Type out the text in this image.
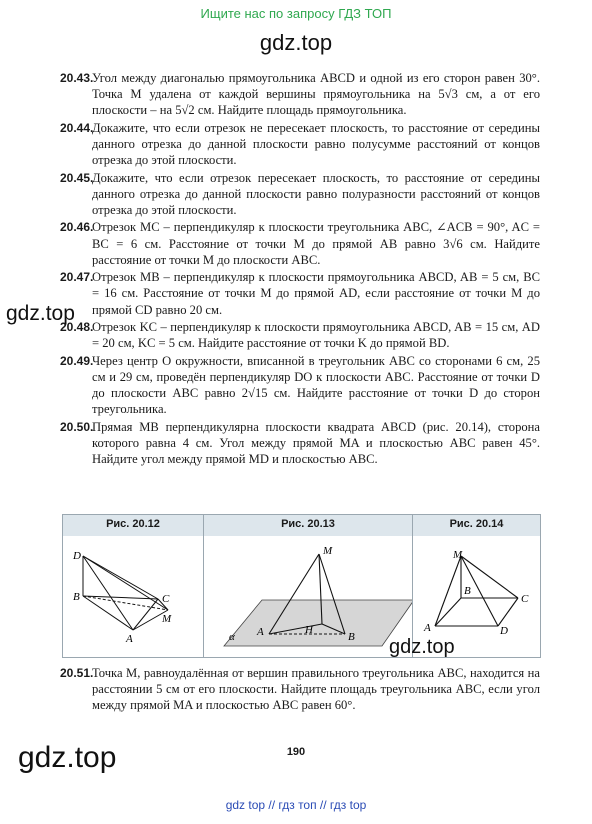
Ищите нас по запросу ГДЗ ТОП
gdz.top

20.43.Угол между диагональю прямоугольника ABCD и одной из его сторон равен 30°. Точка M удалена от каждой вершины прямоугольника на 5√3 см, а от его плоскости – на 5√2 см. Найдите площадь прямоугольника.

20.44.Докажите, что если отрезок не пересекает плоскость, то расстояние от середины данного отрезка до данной плоскости равно полусумме расстояний от концов отрезка до этой плоскости.

20.45.Докажите, что если отрезок пересекает плоскость, то расстояние от середины данного отрезка до данной плоскости равно полуразности расстояний от концов отрезка до этой плоскости.

20.46.Отрезок MC – перпендикуляр к плоскости треугольника ABC, ∠ACB = 90°, AC = BC = 6 см. Расстояние от точки M до прямой AB равно 3√6 см. Найдите расстояние от точки M до плоскости ABC.

20.47.Отрезок MB – перпендикуляр к плоскости прямоугольника ABCD, AB = 5 см, BC = 16 см. Расстояние от точки M до прямой AD, если расстояние от точки M до прямой CD равно 20 см.

20.48.Отрезок KC – перпендикуляр к плоскости прямоугольника ABCD, AB = 15 см, AD = 20 см, KC = 5 см. Найдите расстояние от точки K до прямой BD.

20.49.Через центр O окружности, вписанной в треугольник ABC со сторонами 6 см, 25 см и 29 см, проведён перпендикуляр DO к плоскости ABC. Расстояние от точки D до плоскости ABC равно 2√15 см. Найдите расстояние от точки D до сторон треугольника.

20.50.Прямая MB перпендикулярна плоскости квадрата ABCD (рис. 20.14), сторона которого равна 4 см. Угол между прямой MA и плоскостью ABC равен 45°. Найдите угол между прямой MD и плоскостью ABC.

gdz.top
Рис. 20.12
D
B	C
M
A
Рис. 20.13
M
A	H
B
α
Рис. 20.14
M
B
C
A	D
gdz.top

20.51.Точка M, равноудалённая от вершин правильного треугольника ABC, находится на расстоянии 5 см от его плоскости. Найдите площадь треугольника ABC, если угол между прямой MA и плоскостью ABC равен 60°.

gdz.top	190
gdz top // гдз топ // гдз top
